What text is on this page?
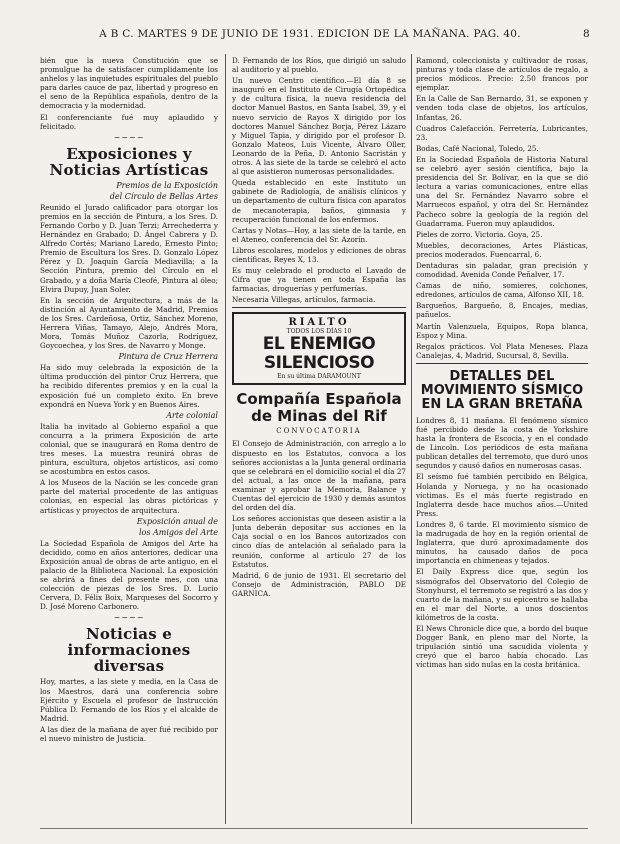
A B C. MARTES 9 DE JUNIO DE 1931. EDICION DE LA MAÑANA. PAG. 40.	8

bién que la nueva Constitución que se promulgue ha de satisfacer cumplidamente los anhelos y las inquietudes espirituales del pueblo para darles cauce de paz, libertad y progreso en el seno de la República española, dentro de la democracia y la modernidad.

El conferenciante fué muy aplaudido y felicitado.

~~~~
Exposiciones y Noticias Artísticas
Premios de la Exposición
del Círculo de Bellas Artes

Reunido el Jurado calificador para otorgar los premios en la sección de Pintura, a los Sres. D. Fernando Corbo y D. Juan Terzi; Arrechederra y Hernández en Grabado; D. Ángel Cabrera y D. Alfredo Cortés; Mariano Laredo, Ernesto Pinto; Premio de Escultura los Sres. D. Gonzalo López Pérez y D. Joaquín García Mediavilla; a la Sección Pintura, premio del Círculo en el Grabado, y a doña María Cleofé, Pintura al óleo; Elvira Dupuy, Juan Soler.

En la sección de Arquitectura, a más de la distinción al Ayuntamiento de Madrid, Premios de los Sres. Cardeñosa, Ortiz, Sánchez Moreno, Herrera Viñas, Tamayo, Alejo, Andrés Mora, Mora, Tomás Muñoz Cazorla, Rodríguez, Goycoechea, y los Sres. de Navarro y Monge.

Pintura de Cruz Herrera

Ha sido muy celebrada la exposición de la última producción del pintor Cruz Herrera, que ha recibido diferentes premios y en la cual la exposición fué un completo éxito. En breve expondrá en Nueva York y en Buenos Aires.

Arte colonial

Italia ha invitado al Gobierno español a que concurra a la primera Exposición de arte colonial, que se inaugurará en Roma dentro de tres meses. La muestra reunirá obras de pintura, escultura, objetos artísticos, así como se acostumbra en estos casos.

A los Museos de la Nación se les concede gran parte del material procedente de las antiguas colonias, en especial las obras pictóricas y artísticas y proyectos de arquitectura.

Exposición anual de
los Amigos del Arte

La Sociedad Española de Amigos del Arte ha decidido, como en años anteriores, dedicar una Exposición anual de obras de arte antiguo, en el palacio de la Biblioteca Nacional. La exposición se abrirá a fines del presente mes, con una colección de piezas de los Sres. D. Lucio Cervera, D. Félix Boix, Marqueses del Socorro y D. José Moreno Carbonero.

~~~~
Noticias e informaciones diversas

Hoy, martes, a las siete y media, en la Casa de los Maestros, dará una conferencia sobre Ejército y Escuela el profesor de Instrucción Pública D. Fernando de los Ríos y el alcalde de Madrid.

A las diez de la mañana de ayer fué recibido por el nuevo ministro de Justicia.

D. Fernando de los Ríos, que dirigió un saludo al auditorio y al pueblo.

Un nuevo Centro científico.—El día 8 se inauguró en el Instituto de Cirugía Ortopédica y de cultura física, la nueva residencia del doctor Manuel Bastos, en Santa Isabel, 39, y el nuevo servicio de Rayos X dirigido por los doctores Manuel Sánchez Borja, Pérez Lázaro y Miguel Tapia, y dirigido por el profesor D. Gonzalo Mateos, Luis Vicente, Álvaro Oller, Leonardo de la Peña, D. Antonio Sacristán y otros. A las siete de la tarde se celebró el acto al que asistieron numerosas personalidades.

Queda establecido en este Instituto un gabinete de Radiología, de análisis clínicos y un departamento de cultura física con aparatos de mecanoterapia, baños, gimnasia y recuperación funcional de los enfermos.

Cartas y Notas—Hoy, a las siete de la tarde, en el Ateneo, conferencia del Sr. Azorín.

Libros escolares, modelos y ediciones de obras científicas, Reyes X, 13.

Es muy celebrado el producto el Lavado de Cifra que ya tienen en toda España las farmacias, droguerías y perfumerías.

Necesaria Villegas, artículos, farmacia.

RIALTO
TODOS LOS DÍAS 10
EL ENEMIGO SILENCIOSO
En su última DARAMOUNT
Compañía Española de Minas del Rif
CONVOCATORIA

El Consejo de Administración, con arreglo a lo dispuesto en los Estatutos, convoca a los señores accionistas a la Junta general ordinaria que se celebrará en el domicilio social el día 27 del actual, a las once de la mañana, para examinar y aprobar la Memoria, Balance y Cuentas del ejercicio de 1930 y demás asuntos del orden del día.

Los señores accionistas que deseen asistir a la Junta deberán depositar sus acciones en la Caja social o en los Bancos autorizados con cinco días de antelación al señalado para la reunión, conforme al artículo 27 de los Estatutos.

Madrid, 6 de junio de 1931. El secretario del Consejo de Administración, PABLO DE GARNICA.

Ramond, coleccionista y cultivador de rosas, pinturas y toda clase de artículos de regalo, a precios módicos. Precio: 2.50 francos por ejemplar.

En la Calle de San Bernardo, 31, se exponen y venden toda clase de objetos, los artículos, Infantas, 26.

Cuadros Calefacción. Ferretería, Lubricantes, 23.

Bodas, Café Nacional, Toledo, 25.

En la Sociedad Española de Historia Natural se celebró ayer sesión científica, bajo la presidencia del Sr. Bolívar, en la que se dió lectura a varias comunicaciones, entre ellas una del Sr. Fernández Navarro sobre el Marruecos español, y otra del Sr. Hernández Pacheco sobre la geología de la región del Guadarrama. Fueron muy aplaudidos.

Pieles de zorro. Victoria. Goya, 25.

Muebles, decoraciones, Artes Plásticas, precios moderados. Fuencarral, 6.

Dentaduras sin paladar, gran precisión y comodidad. Avenida Conde Peñalver, 17.

Camas de niño, somieres, colchones, edredones, artículos de cama, Alfonso XII, 18.

Bargueños, Bargueño, 8, Encajes, medias, pañuelos.

Martín Valenzuela, Equipos, Ropa blanca, Espoz y Mina.

Regalos prácticos. Vol Plata Meneses. Plaza Canalejas, 4, Madrid, Sucursal, 8, Sevilla.

DETALLES DEL MOVIMIENTO SÍSMICO EN LA GRAN BRETAÑA

Londres 8, 11 mañana. El fenómeno sísmico fué percibido desde la costa de Yorkshire hasta la frontera de Escocia, y en el condado de Lincoln. Los periódicos de esta mañana publican detalles del terremoto, que duró unos segundos y causó daños en numerosas casas.

El seísmo fué también percibido en Bélgica, Holanda y Noruega, y no ha ocasionado víctimas. Es el más fuerte registrado en Inglaterra desde hace muchos años.—United Press.

Londres 8, 6 tarde. El movimiento sísmico de la madrugada de hoy en la región oriental de Inglaterra, que duró aproximadamente dos minutos, ha causado daños de poca importancia en chimeneas y tejados.

El Daily Express dice que, según los sismógrafos del Observatorio del Colegio de Stonyhurst, el terremoto se registró a las dos y cuarto de la mañana, y su epicentro se hallaba en el mar del Norte, a unos doscientos kilómetros de la costa.

El News Chronicle dice que, a bordo del buque Dogger Bank, en pleno mar del Norte, la tripulación sintió una sacudida violenta y creyó que el barco había chocado. Las víctimas han sido nulas en la costa británica.
